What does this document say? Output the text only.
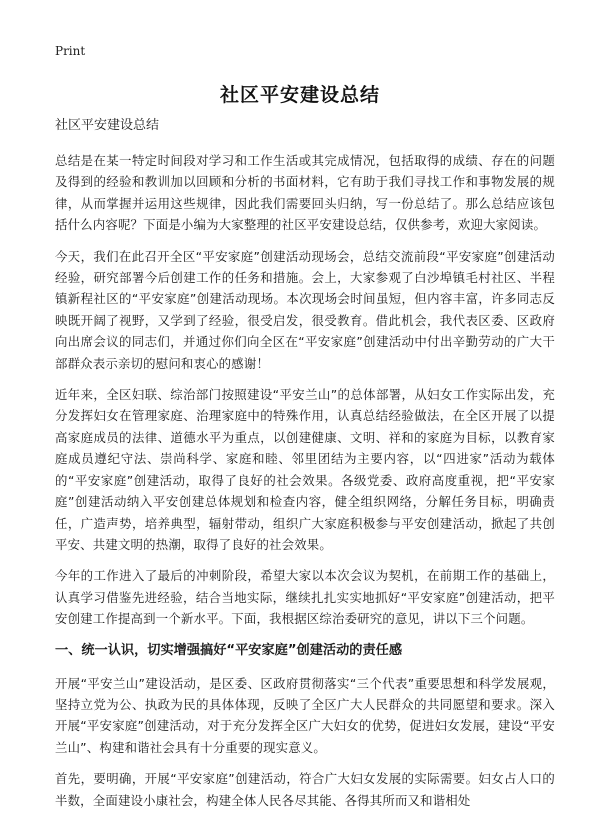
Print
社区平安建设总结

社区平安建设总结

总结是在某一特定时间段对学习和工作生活或其完成情况，包括取得的成绩、存在的问题及得到的经验和教训加以回顾和分析的书面材料，它有助于我们寻找工作和事物发展的规律，从而掌握并运用这些规律，因此我们需要回头归纳，写一份总结了。那么总结应该包括什么内容呢？下面是小编为大家整理的社区平安建设总结，仅供参考，欢迎大家阅读。

今天，我们在此召开全区“平安家庭”创建活动现场会，总结交流前段“平安家庭”创建活动经验，研究部署今后创建工作的任务和措施。会上，大家参观了白沙埠镇毛村社区、半程镇新程社区的“平安家庭”创建活动现场。本次现场会时间虽短，但内容丰富，许多同志反映既开阔了视野，又学到了经验，很受启发，很受教育。借此机会，我代表区委、区政府向出席会议的同志们，并通过你们向全区在“平安家庭”创建活动中付出辛勤劳动的广大干部群众表示亲切的慰问和衷心的感谢！

近年来，全区妇联、综治部门按照建设“平安兰山”的总体部署，从妇女工作实际出发，充分发挥妇女在管理家庭、治理家庭中的特殊作用，认真总结经验做法，在全区开展了以提高家庭成员的法律、道德水平为重点，以创建健康、文明、祥和的家庭为目标，以教育家庭成员遵纪守法、崇尚科学、家庭和睦、邻里团结为主要内容，以“四进家”活动为载体的“平安家庭”创建活动，取得了良好的社会效果。各级党委、政府高度重视，把“平安家庭”创建活动纳入平安创建总体规划和检查内容，健全组织网络，分解任务目标，明确责任，广造声势，培养典型，辐射带动，组织广大家庭积极参与平安创建活动，掀起了共创平安、共建文明的热潮，取得了良好的社会效果。

今年的工作进入了最后的冲刺阶段，希望大家以本次会议为契机，在前期工作的基础上，认真学习借鉴先进经验，结合当地实际，继续扎扎实实地抓好“平安家庭”创建活动，把平安创建工作提高到一个新水平。下面，我根据区综治委研究的意见，讲以下三个问题。

一、统一认识，切实增强搞好“平安家庭”创建活动的责任感

开展“平安兰山”建设活动，是区委、区政府贯彻落实“三个代表”重要思想和科学发展观，坚持立党为公、执政为民的具体体现，反映了全区广大人民群众的共同愿望和要求。深入开展“平安家庭”创建活动，对于充分发挥全区广大妇女的优势，促进妇女发展，建设“平安兰山”、构建和谐社会具有十分重要的现实意义。

首先，要明确，开展“平安家庭”创建活动，符合广大妇女发展的实际需要。妇女占人口的半数，全面建设小康社会，构建全体人民各尽其能、各得其所而又和谐相处
